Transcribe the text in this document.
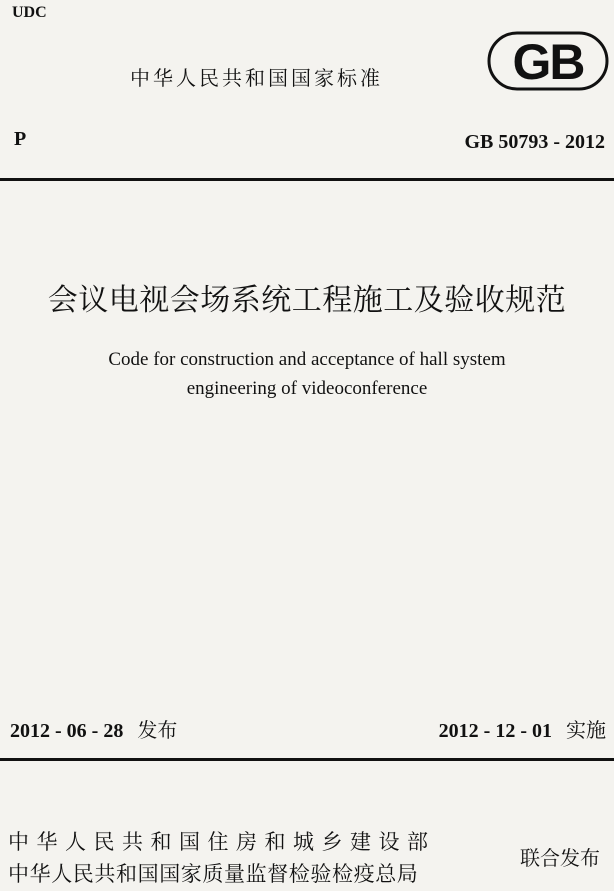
UDC
中华人民共和国国家标准	GB
P	GB 50793 - 2012
会议电视会场系统工程施工及验收规范
Code for construction and acceptance of hall system
engineering of videoconference
2012 - 06 - 28 发布	2012 - 12 - 01 实施
中华人民共和国住房和城乡建设部
中华人民共和国国家质量监督检验检疫总局
联合发布
